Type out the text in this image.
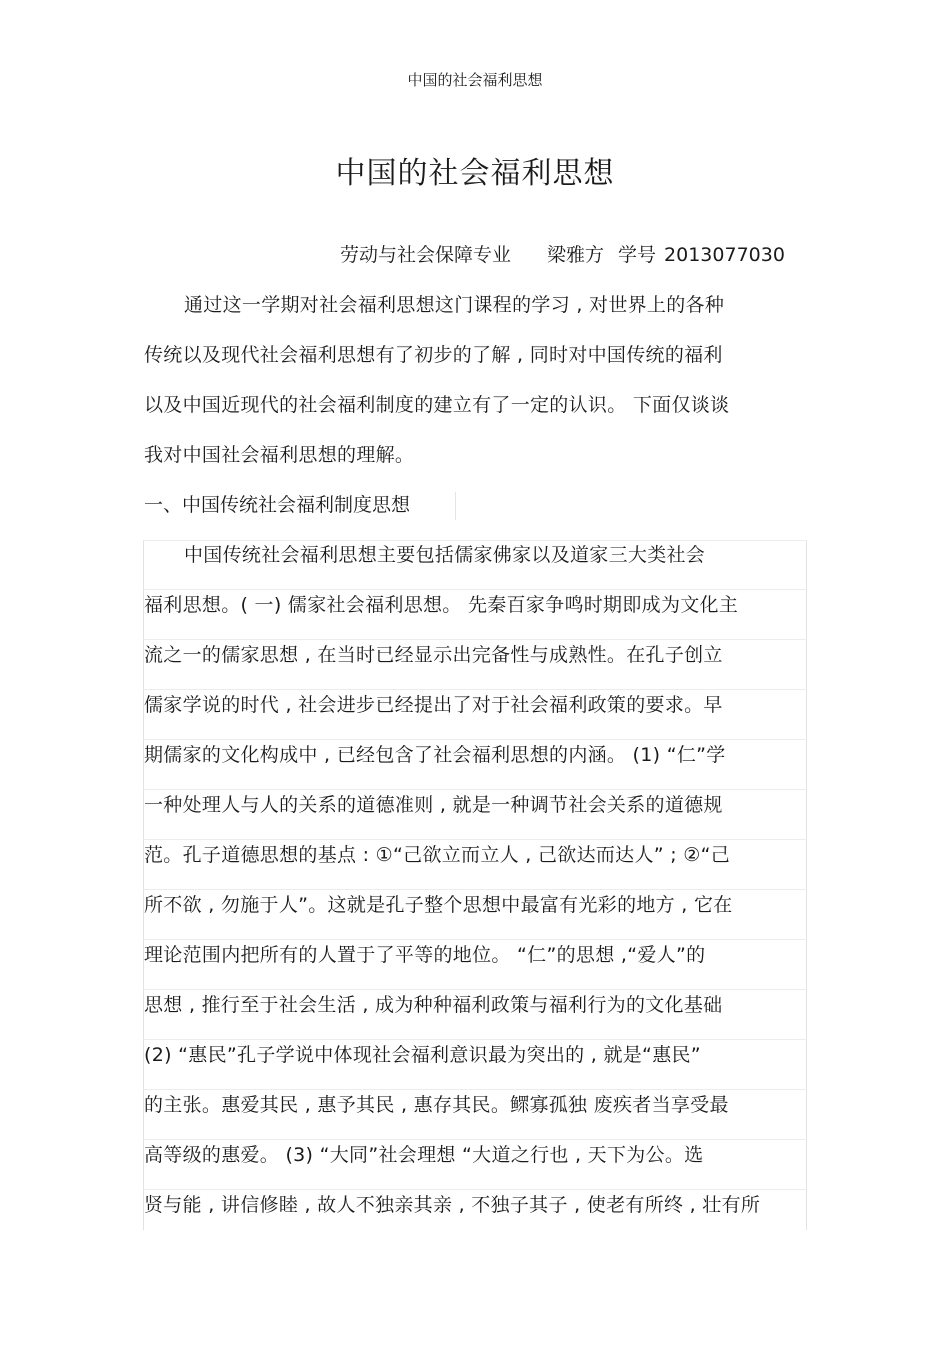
中国的社会福利思想
中国的社会福利思想
劳动与社会保障专业 梁雅方 学号 2013077030
通过这一学期对社会福利思想这门课程的学习 , 对世界上的各种
传统以及现代社会福利思想有了初步的了解 , 同时对中国传统的福利
以及中国近现代的社会福利制度的建立有了一定的认识。 下面仅谈谈
我对中国社会福利思想的理解。
一、中国传统社会福利制度思想
中国传统社会福利思想主要包括儒家佛家以及道家三大类社会
福利思想。( 一) 儒家社会福利思想。 先秦百家争鸣时期即成为文化主
流之一的儒家思想 , 在当时已经显示出完备性与成熟性。在孔子创立
儒家学说的时代 , 社会进步已经提出了对于社会福利政策的要求。早
期儒家的文化构成中 , 已经包含了社会福利思想的内涵。 (1) “仁”学
一种处理人与人的关系的道德准则 , 就是一种调节社会关系的道德规
范。孔子道德思想的基点 : ①“己欲立而立人 , 己欲达而达人” ; ②“己
所不欲 , 勿施于人”。这就是孔子整个思想中最富有光彩的地方 , 它在
理论范围内把所有的人置于了平等的地位。 “仁”的思想 ,“爱人”的
思想 , 推行至于社会生活 , 成为种种福利政策与福利行为的文化基础
(2) “惠民”孔子学说中体现社会福利意识最为突出的 , 就是“惠民”
的主张。惠爱其民 , 惠予其民 , 惠存其民。鳏寡孤独 废疾者当享受最
高等级的惠爱。 (3) “大同”社会理想 “大道之行也 , 天下为公。选
贤与能 , 讲信修睦 , 故人不独亲其亲 , 不独子其子 , 使老有所终 , 壮有所
